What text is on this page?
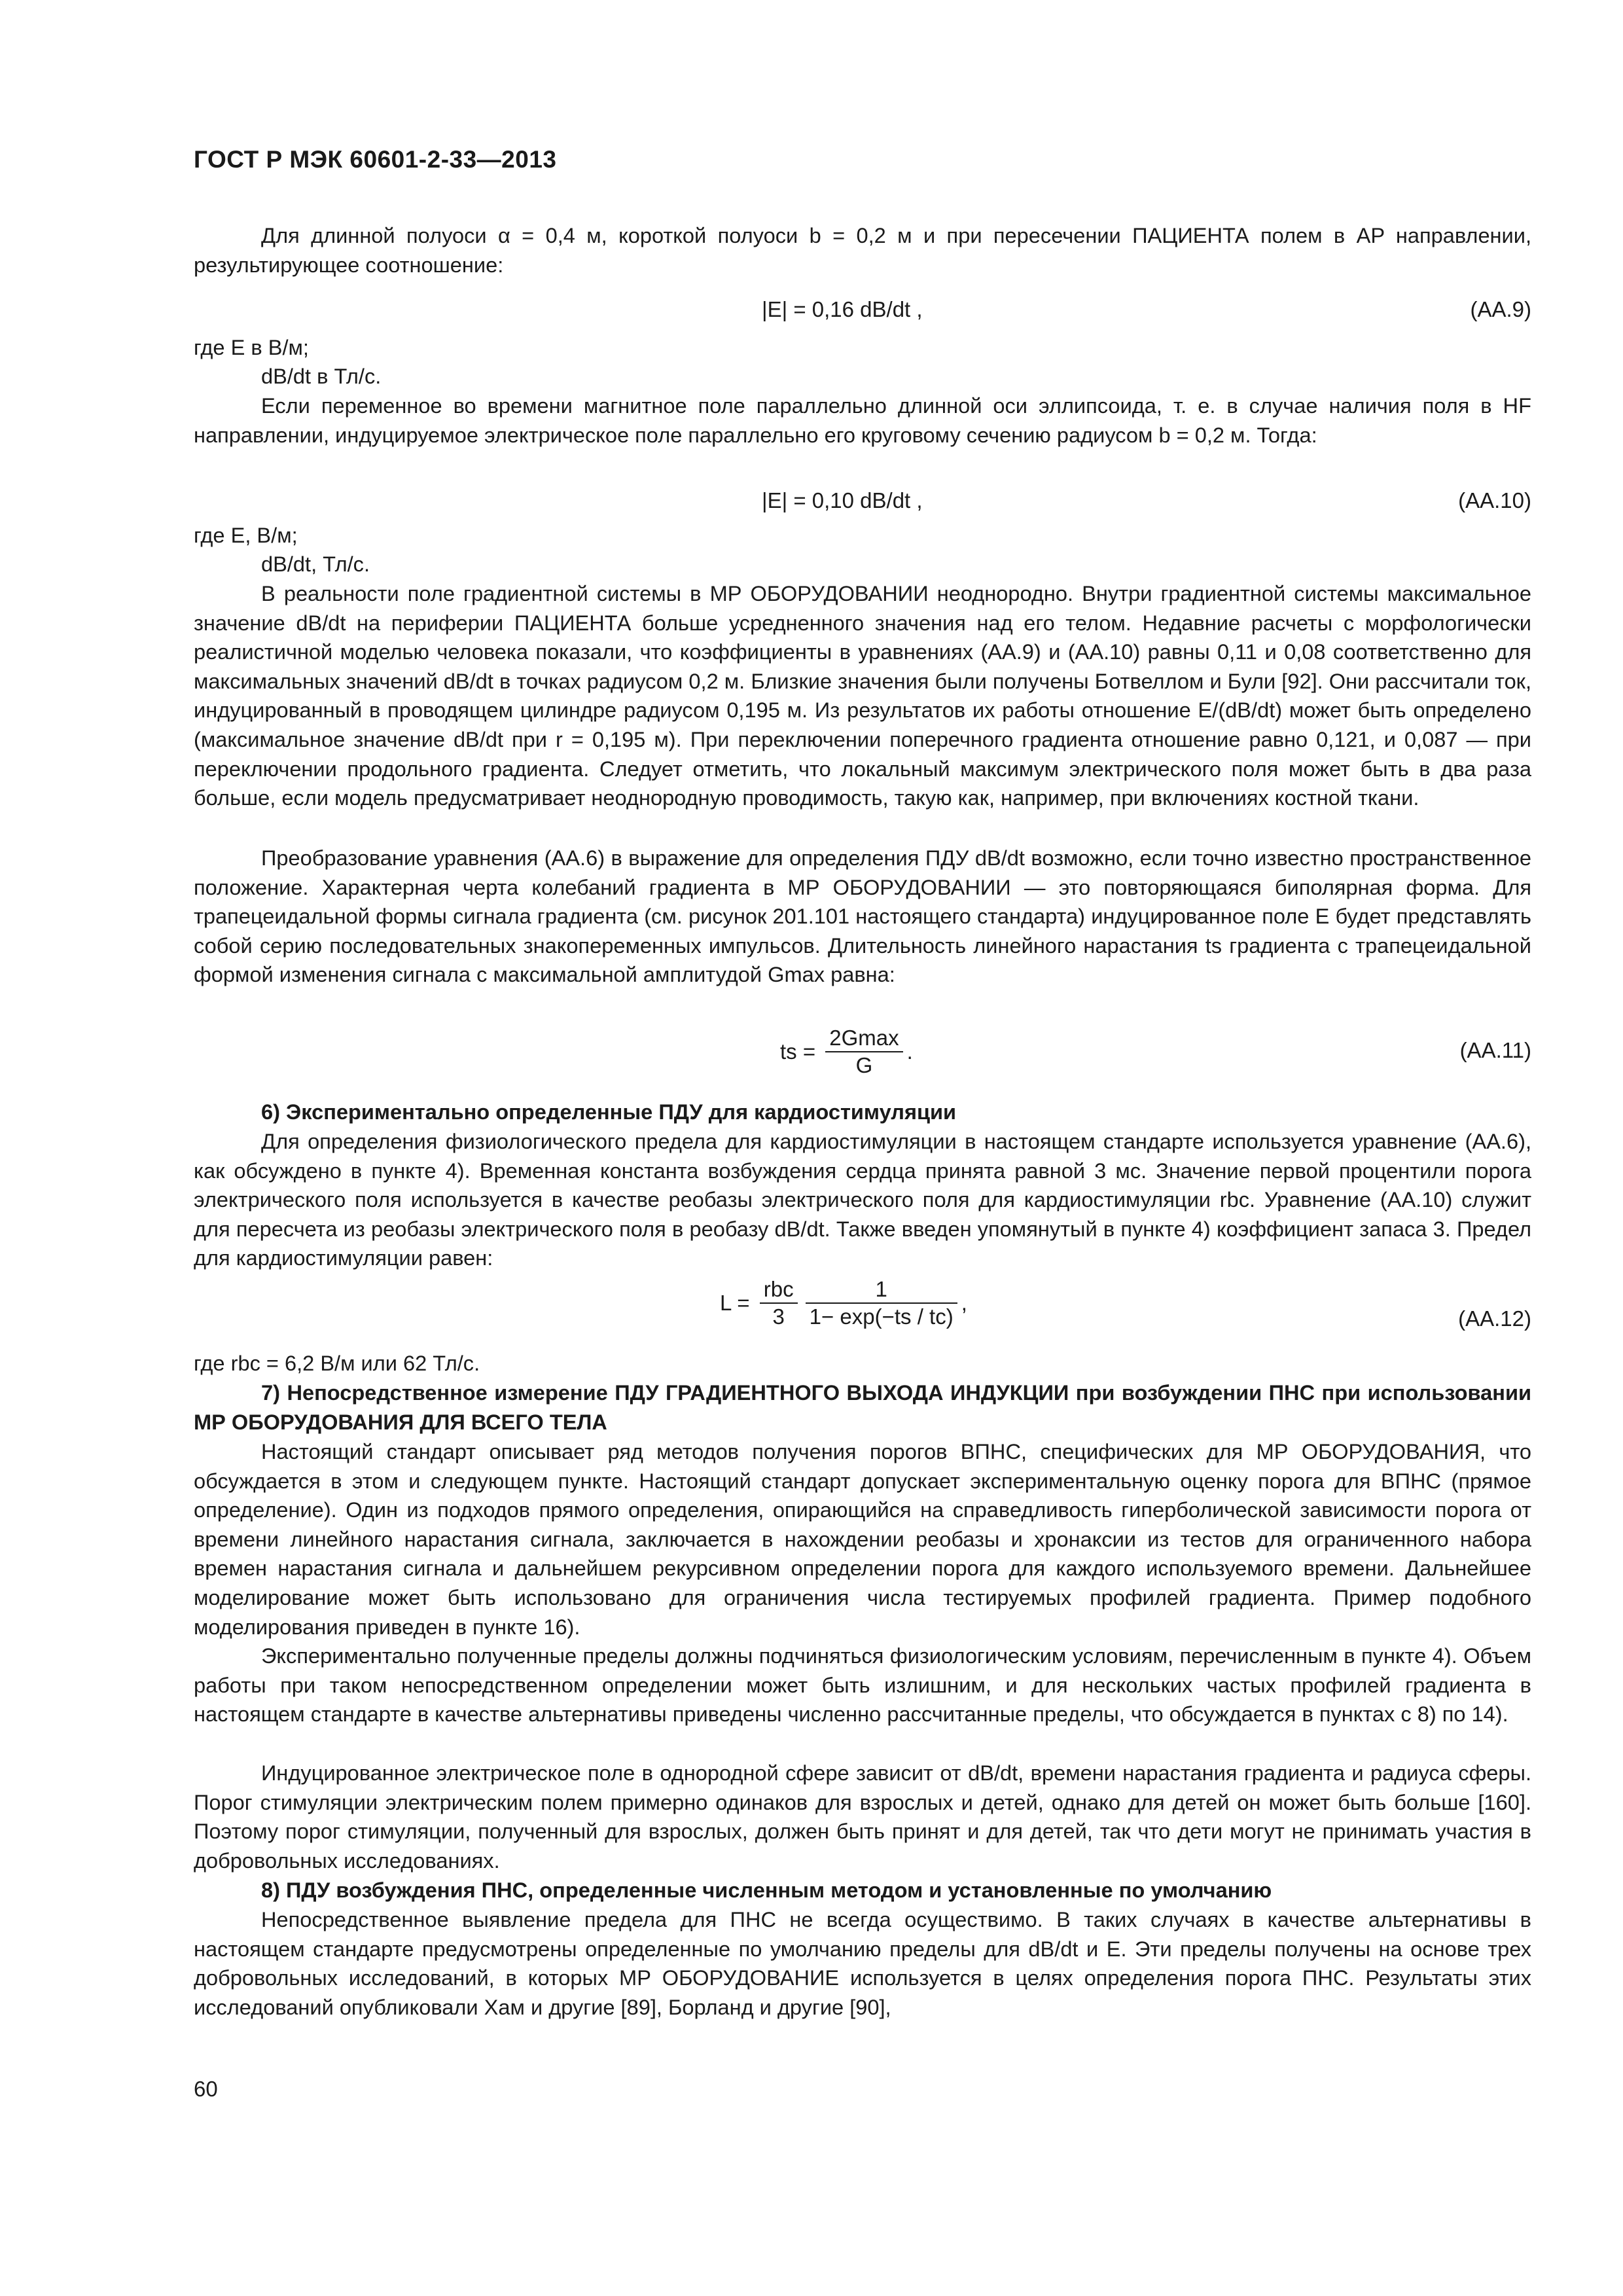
ГОСТ Р МЭК 60601-2-33—2013
Для длинной полуоси α = 0,4 м, короткой полуоси b = 0,2 м и при пересечении ПАЦИЕНТА полем в AP направлении, результирующее соотношение:
|E| = 0,16 dB/dt ,	(АА.9)
где E в В/м;
dB/dt в Тл/с.
Если переменное во времени магнитное поле параллельно длинной оси эллипсоида, т. е. в случае наличия поля в HF направлении, индуцируемое электрическое поле параллельно его круговому сечению радиусом b = 0,2 м. Тогда:
|E| = 0,10 dB/dt ,	(АА.10)
где E, В/м;
dB/dt, Тл/с.
В реальности поле градиентной системы в МР ОБОРУДОВАНИИ неоднородно. Внутри градиентной системы максимальное значение dB/dt на периферии ПАЦИЕНТА больше усредненного значения над его телом. Недавние расчеты с морфологически реалистичной моделью человека показали, что коэффициенты в уравнениях (АА.9) и (АА.10) равны 0,11 и 0,08 соответственно для максимальных значений dB/dt в точках радиусом 0,2 м. Близкие значения были получены Ботвеллом и Були [92]. Они рассчитали ток, индуцированный в проводящем цилиндре радиусом 0,195 м. Из результатов их работы отношение E/(dB/dt) может быть определено (максимальное значение dB/dt при r = 0,195 м). При переключении поперечного градиента отношение равно 0,121, и 0,087 — при переключении продольного градиента. Следует отметить, что локальный максимум электрического поля может быть в два раза больше, если модель предусматривает неоднородную проводимость, такую как, например, при включениях костной ткани.
Преобразование уравнения (АА.6) в выражение для определения ПДУ dB/dt возможно, если точно известно пространственное положение. Характерная черта колебаний градиента в МР ОБОРУДОВАНИИ — это повторяющаяся биполярная форма. Для трапецеидальной формы сигнала градиента (см. рисунок 201.101 настоящего стандарта) индуцированное поле E будет представлять собой серию последовательных знакопеременных импульсов. Длительность линейного нарастания ts градиента с трапецеидальной формой изменения сигнала с максимальной амплитудой Gmax равна:
ts = $\frac{2Gmax}{G}$ .	(АА.11)
6) Экспериментально определенные ПДУ для кардиостимуляции
Для определения физиологического предела для кардиостимуляции в настоящем стандарте используется уравнение (АА.6), как обсуждено в пункте 4). Временная константа возбуждения сердца принята равной 3 мс. Значение первой процентили порога электрического поля используется в качестве реобазы электрического поля для кардиостимуляции rbc. Уравнение (АА.10) служит для пересчета из реобазы электрического поля в реобазу dB/dt. Также введен упомянутый в пункте 4) коэффициент запаса 3. Предел для кардиостимуляции равен:
$L = \frac{\text{rbc}}{3} \frac{1}{1- \exp(-ts / tc)}$ ,
(АА.12)
где rbc = 6,2 В/м или 62 Тл/с.
7) Непосредственное измерение ПДУ ГРАДИЕНТНОГО ВЫХОДА ИНДУКЦИИ при возбуждении ПНС при использовании МР ОБОРУДОВАНИЯ ДЛЯ ВСЕГО ТЕЛА
Настоящий стандарт описывает ряд методов получения порогов ВПНС, специфических для МР ОБОРУДОВАНИЯ, что обсуждается в этом и следующем пункте. Настоящий стандарт допускает экспериментальную оценку порога для ВПНС (прямое определение). Один из подходов прямого определения, опирающийся на справедливость гиперболической зависимости порога от времени линейного нарастания сигнала, заключается в нахождении реобазы и хронаксии из тестов для ограниченного набора времен нарастания сигнала и дальнейшем рекурсивном определении порога для каждого используемого времени. Дальнейшее моделирование может быть использовано для ограничения числа тестируемых профилей градиента. Пример подобного моделирования приведен в пункте 16).
Экспериментально полученные пределы должны подчиняться физиологическим условиям, перечисленным в пункте 4). Объем работы при таком непосредственном определении может быть излишним, и для нескольких частых профилей градиента в настоящем стандарте в качестве альтернативы приведены численно рассчитанные пределы, что обсуждается в пунктах с 8) по 14).
Индуцированное электрическое поле в однородной сфере зависит от dB/dt, времени нарастания градиента и радиуса сферы. Порог стимуляции электрическим полем примерно одинаков для взрослых и детей, однако для детей он может быть больше [160]. Поэтому порог стимуляции, полученный для взрослых, должен быть принят и для детей, так что дети могут не принимать участия в добровольных исследованиях.
8) ПДУ возбуждения ПНС, определенные численным методом и установленные по умолчанию
Непосредственное выявление предела для ПНС не всегда осуществимо. В таких случаях в качестве альтернативы в настоящем стандарте предусмотрены определенные по умолчанию пределы для dB/dt и E. Эти пределы получены на основе трех добровольных исследований, в которых МР ОБОРУДОВАНИЕ используется в целях определения порога ПНС. Результаты этих исследований опубликовали Хам и другие [89], Борланд и другие [90],
60
